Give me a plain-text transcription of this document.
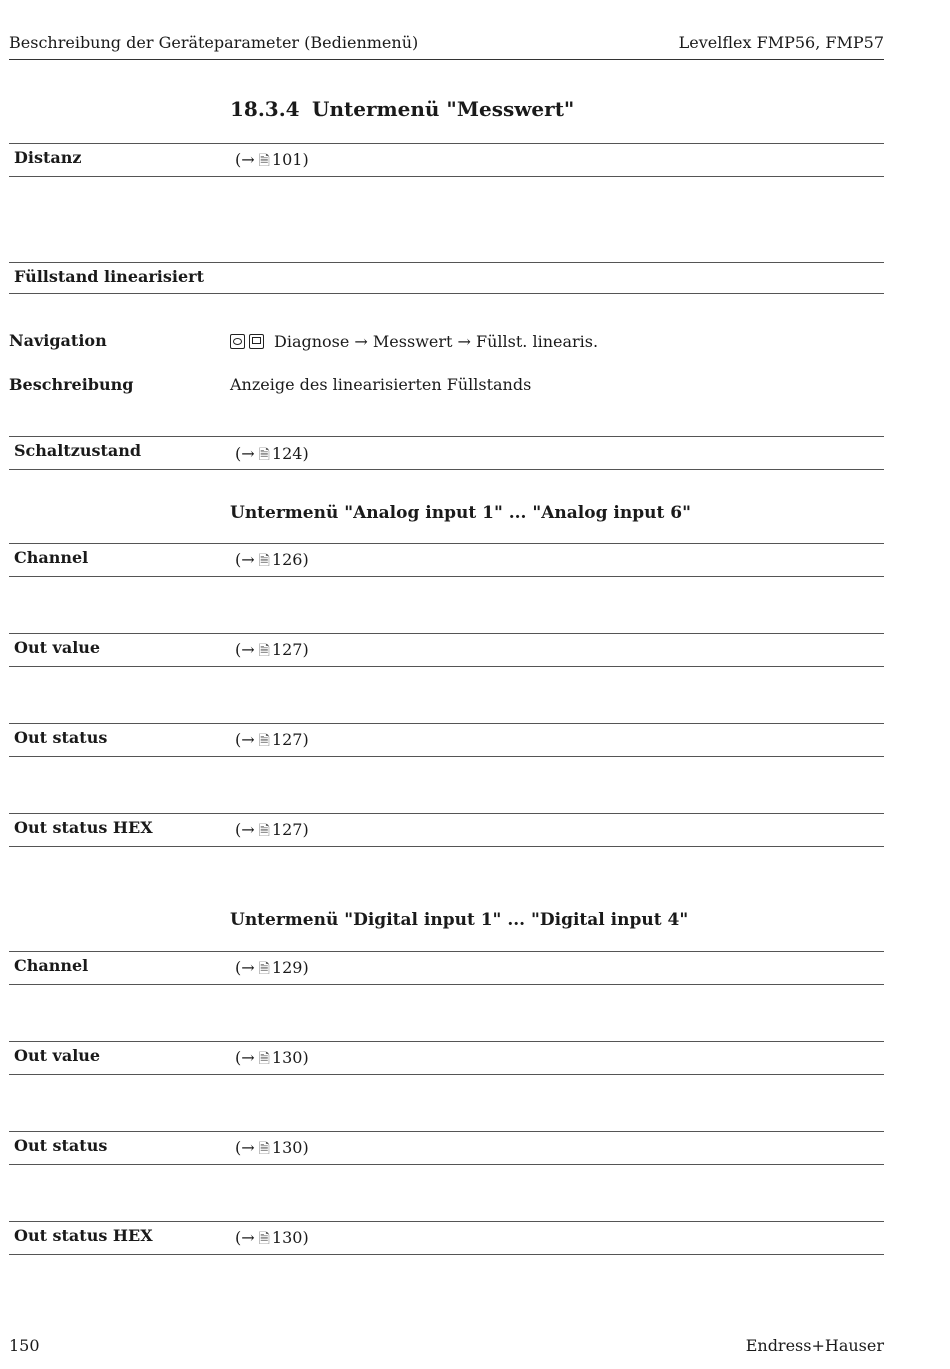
Beschreibung der Geräteparameter (Bedienmenü)	Levelflex FMP56, FMP57
18.3.4 Untermenü "Messwert"
Distanz	(→ 🗎 101)
Füllstand linearisiert
Navigation	Diagnose → Messwert → Füllst. linearis.
Beschreibung	Anzeige des linearisierten Füllstands
Schaltzustand	(→ 🗎 124)
Untermenü "Analog input 1" ... "Analog input 6"
Channel	(→ 🗎 126)
Out value	(→ 🗎 127)
Out status	(→ 🗎 127)
Out status HEX	(→ 🗎 127)
Untermenü "Digital input 1" ... "Digital input 4"
Channel	(→ 🗎 129)
Out value	(→ 🗎 130)
Out status	(→ 🗎 130)
Out status HEX	(→ 🗎 130)
150	Endress+Hauser
